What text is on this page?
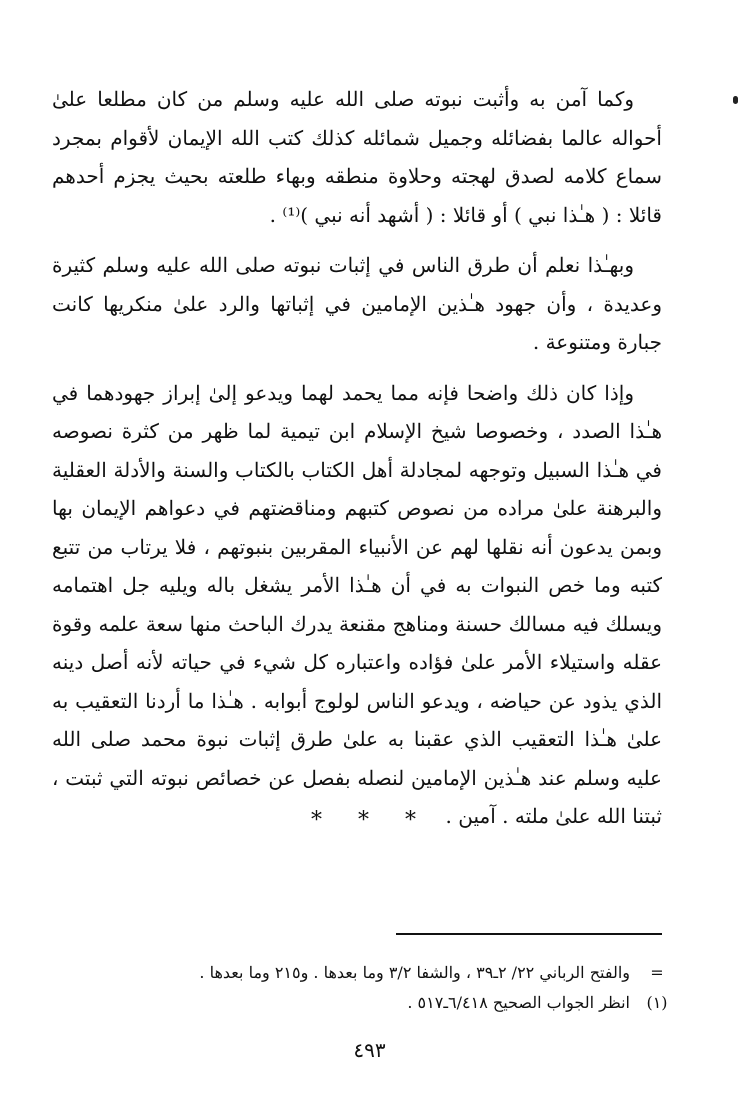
وكما آمن به وأثبت نبوته صلى الله عليه وسلم من كان مطلعا علىٰ أحواله عالما بفضائله وجميل شمائله كذلك كتب الله الإيمان لأقوام بمجرد سماع كلامه لصدق لهجته وحلاوة منطقه وبهاء طلعته بحيث يجزم أحدهم قائلا : ( هـٰذا نبي ) أو قائلا : ( أشهد أنه نبي )⁽¹⁾ .

وبهـٰذا نعلم أن طرق الناس في إثبات نبوته صلى الله عليه وسلم كثيرة وعديدة ، وأن جهود هـٰذين الإمامين في إثباتها والرد علىٰ منكريها كانت جبارة ومتنوعة .

وإذا كان ذلك واضحا فإنه مما يحمد لهما ويدعو إلىٰ إبراز جهودهما في هـٰذا الصدد ، وخصوصا شيخ الإسلام ابن تيمية لما ظهر من كثرة نصوصه في هـٰذا السبيل وتوجهه لمجادلة أهل الكتاب بالكتاب والسنة والأدلة العقلية والبرهنة علىٰ مراده من نصوص كتبهم ومناقضتهم في دعواهم الإيمان بها وبمن يدعون أنه نقلها لهم عن الأنبياء المقربين بنبوتهم ، فلا يرتاب من تتبع كتبه وما خص النبوات به في أن هـٰذا الأمر يشغل باله ويليه جل اهتمامه ويسلك فيه مسالك حسنة ومناهج مقنعة يدرك الباحث منها سعة علمه وقوة عقله واستيلاء الأمر علىٰ فؤاده واعتباره كل شيء في حياته لأنه أصل دينه الذي يذود عن حياضه ، ويدعو الناس لولوج أبوابه . هـٰذا ما أردنا التعقيب به علىٰ هـٰذا التعقيب الذي عقبنا به علىٰ طرق إثبات نبوة محمد صلى الله عليه وسلم عند هـٰذين الإمامين لنصله بفصل عن خصائص نبوته التي ثبتت ، ثبتنا الله علىٰ ملته . آمين .

***
=
والفتح الرباني ٢٢/ ٢ـ٣٩ ، والشفا ٣/٢ وما بعدها . و٢١٥ وما بعدها .
(١)
انظر الجواب الصحيح ٦/٤١٨ـ٥١٧ .
٤٩٣
